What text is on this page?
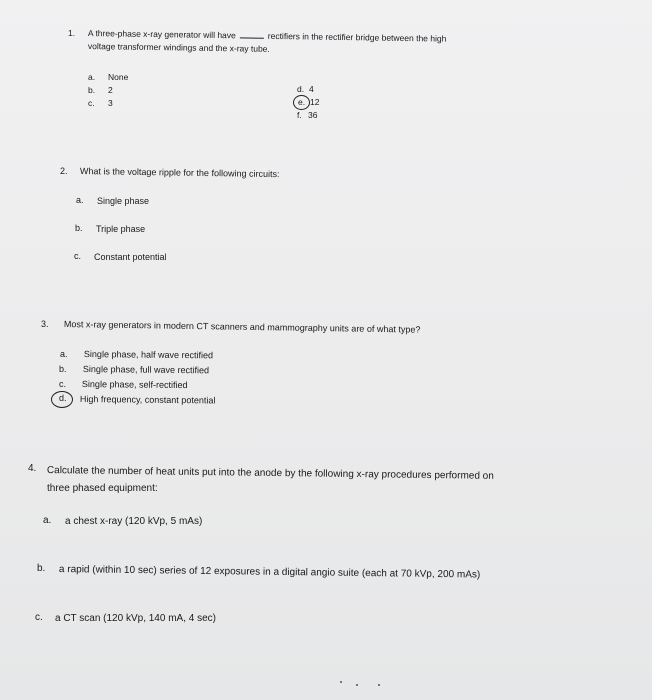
1. A three-phase x-ray generator will have	rectifiers in the rectifier bridge between the high
voltage transformer windings and the x-ray tube.
a. None
b. 2
c. 3
d. 4
e. 12
f. 36
2. What is the voltage ripple for the following circuits:
a. Single phase
b. Triple phase
c. Constant potential
3. Most x-ray generators in modern CT scanners and mammography units are of what type?
a. Single phase, half wave rectified
b. Single phase, full wave rectified
c. Single phase, self-rectified
d. High frequency, constant potential
4. Calculate the number of heat units put into the anode by the following x-ray procedures performed on
three phased equipment:
a. a chest x-ray (120 kVp, 5 mAs)
b. a rapid (within 10 sec) series of 12 exposures in a digital angio suite (each at 70 kVp, 200 mAs)
c. a CT scan (120 kVp, 140 mA, 4 sec)
